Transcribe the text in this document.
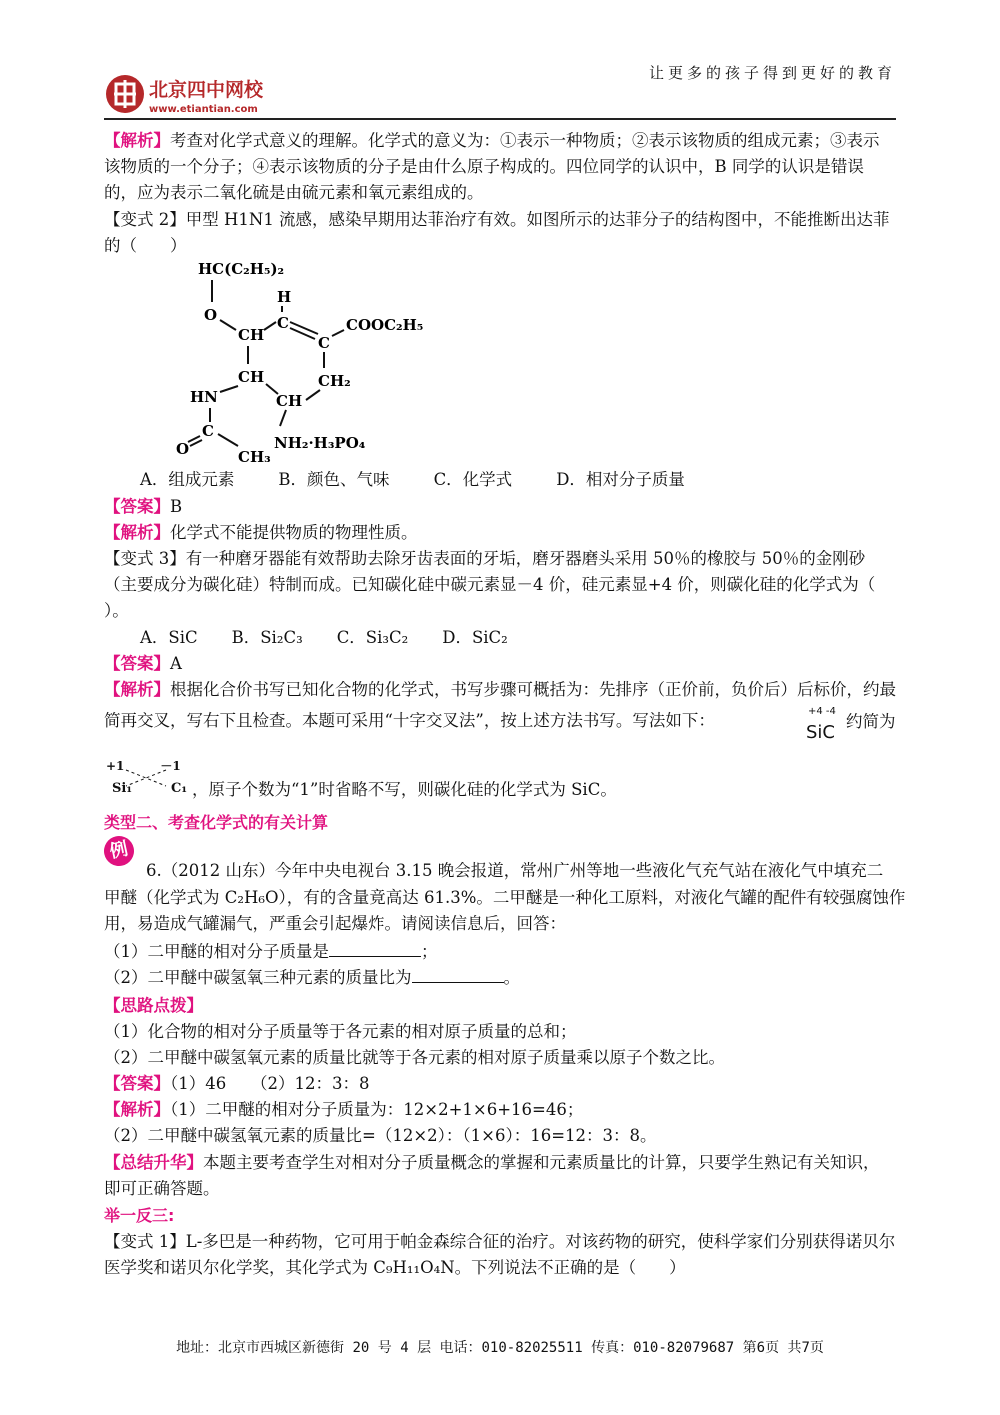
让更多的孩子得到更好的教育
北京四中网校
www.etiantian.com
【解析】考查对化学式意义的理解。化学式的意义为：①表示一种物质；②表示该物质的组成元素；③表示
该物质的一个分子；④表示该物质的分子是由什么原子构成的。四位同学的认识中，B 同学的认识是错误
的，应为表示二氧化硫是由硫元素和氧元素组成的。
【变式 2】甲型 H1N1 流感，感染早期用达菲治疗有效。如图所示的达菲分子的结构图中，不能推断出达菲
的（　　）
HC(C₂H₅)₂
O
CH
H
C
C
COOC₂H₅
CH₂
CH
CH
HN
C
O	CH₃
NH₂·H₃PO₄
A．组成元素	B．颜色、气味	C．化学式	D．相对分子质量
【答案】B
【解析】化学式不能提供物质的物理性质。
【变式 3】有一种磨牙器能有效帮助去除牙齿表面的牙垢，磨牙器磨头采用 50％的橡胶与 50％的金刚砂
（主要成分为碳化硅）特制而成。已知碳化硅中碳元素显－4 价，硅元素显+4 价，则碳化硅的化学式为（
）。
A．SiC B．Si₂C₃ C．Si₃C₂ D．SiC₂
【答案】A
【解析】根据化合价书写已知化合物的化学式，书写步骤可概括为：先排序（正价前，负价后）后标价，约最
简再交叉，写右下且检查。本题可采用“十字交叉法”，按上述方法书写。写法如下：	+4 -4
SiC
约简为
+1　　　－1
Si₁　　　C₁ ，原子个数为“1”时省略不写，则碳化硅的化学式为 SiC。
类型二、考查化学式的有关计算
例
6.（2012 山东）今年中央电视台 3.15 晚会报道，常州广州等地一些液化气充气站在液化气中填充二
甲醚（化学式为 C₂H₆O），有的含量竟高达 61.3%。二甲醚是一种化工原料，对液化气罐的配件有较强腐蚀作
用，易造成气罐漏气，严重会引起爆炸。请阅读信息后，回答：
（1）二甲醚的相对分子质量是	；
（2）二甲醚中碳氢氧三种元素的质量比为	。
【思路点拨】
（1）化合物的相对分子质量等于各元素的相对原子质量的总和；
（2）二甲醚中碳氢氧元素的质量比就等于各元素的相对原子质量乘以原子个数之比。
【答案】（1）46　　（2）12：3：8
【解析】（1）二甲醚的相对分子质量为：12×2+1×6+16=46；
（2）二甲醚中碳氢氧元素的质量比=（12×2）：（1×6）：16=12：3：8。
【总结升华】本题主要考查学生对相对分子质量概念的掌握和元素质量比的计算，只要学生熟记有关知识，
即可正确答题。
举一反三:
【变式 1】L-多巴是一种药物，它可用于帕金森综合征的治疗。对该药物的研究，使科学家们分别获得诺贝尔
医学奖和诺贝尔化学奖，其化学式为 C₉H₁₁O₄N。下列说法不正确的是（　　）
地址：北京市西城区新德街 20 号 4 层 电话：010-82025511 传真：010-82079687 第6页 共7页
